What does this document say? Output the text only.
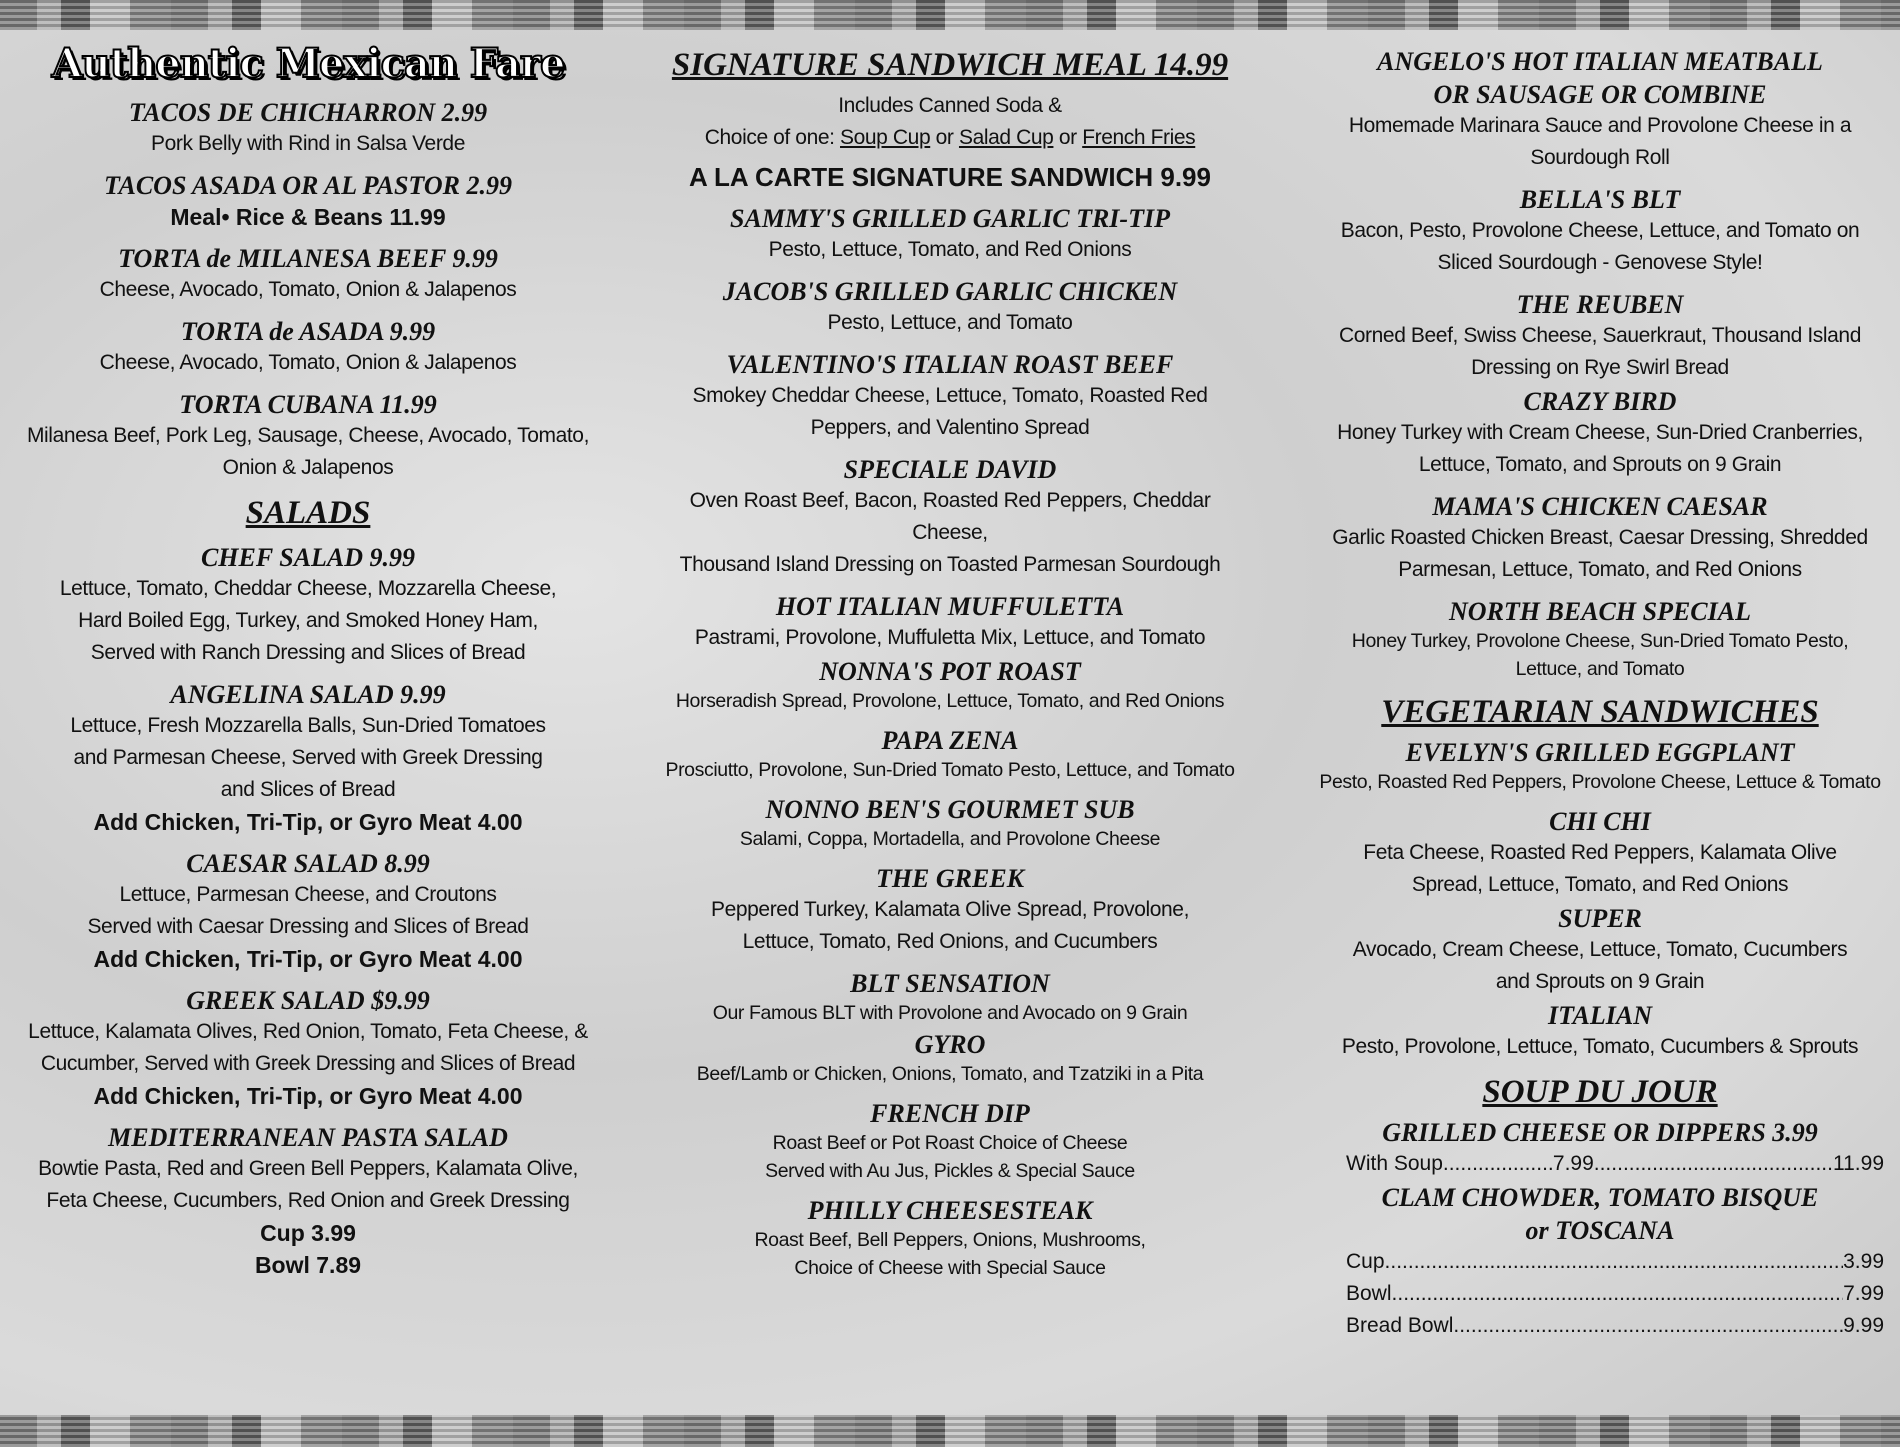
Authentic Mexican Fare
TACOS DE CHICHARRON 2.99
Pork Belly with Rind in Salsa Verde
TACOS ASADA OR AL PASTOR 2.99
Meal• Rice & Beans 11.99
TORTA de MILANESA BEEF 9.99
Cheese, Avocado, Tomato, Onion & Jalapenos
TORTA de ASADA 9.99
Cheese, Avocado, Tomato, Onion & Jalapenos
TORTA CUBANA 11.99
Milanesa Beef, Pork Leg, Sausage, Cheese, Avocado, Tomato,
Onion & Jalapenos
SALADS
CHEF SALAD 9.99
Lettuce, Tomato, Cheddar Cheese, Mozzarella Cheese,
Hard Boiled Egg, Turkey, and Smoked Honey Ham,
Served with Ranch Dressing and Slices of Bread
ANGELINA SALAD 9.99
Lettuce, Fresh Mozzarella Balls, Sun-Dried Tomatoes
and Parmesan Cheese, Served with Greek Dressing
and Slices of Bread
Add Chicken, Tri-Tip, or Gyro Meat 4.00
CAESAR SALAD 8.99
Lettuce, Parmesan Cheese, and Croutons
Served with Caesar Dressing and Slices of Bread
Add Chicken, Tri-Tip, or Gyro Meat 4.00
GREEK SALAD $9.99
Lettuce, Kalamata Olives, Red Onion, Tomato, Feta Cheese, &
Cucumber, Served with Greek Dressing and Slices of Bread
Add Chicken, Tri-Tip, or Gyro Meat 4.00
MEDITERRANEAN PASTA SALAD
Bowtie Pasta, Red and Green Bell Peppers, Kalamata Olive,
Feta Cheese, Cucumbers, Red Onion and Greek Dressing
Cup 3.99
Bowl 7.89
SIGNATURE SANDWICH MEAL 14.99
Includes Canned Soda &
Choice of one: Soup Cup or Salad Cup or French Fries
A LA CARTE SIGNATURE SANDWICH 9.99
SAMMY'S GRILLED GARLIC TRI-TIP
Pesto, Lettuce, Tomato, and Red Onions
JACOB'S GRILLED GARLIC CHICKEN
Pesto, Lettuce, and Tomato
VALENTINO'S ITALIAN ROAST BEEF
Smokey Cheddar Cheese, Lettuce, Tomato, Roasted Red
Peppers, and Valentino Spread
SPECIALE DAVID
Oven Roast Beef, Bacon, Roasted Red Peppers, Cheddar Cheese,
Thousand Island Dressing on Toasted Parmesan Sourdough
HOT ITALIAN MUFFULETTA
Pastrami, Provolone, Muffuletta Mix, Lettuce, and Tomato
NONNA'S POT ROAST
Horseradish Spread, Provolone, Lettuce, Tomato, and Red Onions
PAPA ZENA
Prosciutto, Provolone, Sun-Dried Tomato Pesto, Lettuce, and Tomato
NONNO BEN'S GOURMET SUB
Salami, Coppa, Mortadella, and Provolone Cheese
THE GREEK
Peppered Turkey, Kalamata Olive Spread, Provolone,
Lettuce, Tomato, Red Onions, and Cucumbers
BLT SENSATION
Our Famous BLT with Provolone and Avocado on 9 Grain
GYRO
Beef/Lamb or Chicken, Onions, Tomato, and Tzatziki in a Pita
FRENCH DIP
Roast Beef or Pot Roast Choice of Cheese
Served with Au Jus, Pickles & Special Sauce
PHILLY CHEESESTEAK
Roast Beef, Bell Peppers, Onions, Mushrooms,
Choice of Cheese with Special Sauce
ANGELO'S HOT ITALIAN MEATBALL
OR SAUSAGE OR COMBINE
Homemade Marinara Sauce and Provolone Cheese in a
Sourdough Roll
BELLA'S BLT
Bacon, Pesto, Provolone Cheese, Lettuce, and Tomato on
Sliced Sourdough - Genovese Style!
THE REUBEN
Corned Beef, Swiss Cheese, Sauerkraut, Thousand Island
Dressing on Rye Swirl Bread
CRAZY BIRD
Honey Turkey with Cream Cheese, Sun-Dried Cranberries,
Lettuce, Tomato, and Sprouts on 9 Grain
MAMA'S CHICKEN CAESAR
Garlic Roasted Chicken Breast, Caesar Dressing, Shredded
Parmesan, Lettuce, Tomato, and Red Onions
NORTH BEACH SPECIAL
Honey Turkey, Provolone Cheese, Sun-Dried Tomato Pesto,
Lettuce, and Tomato
VEGETARIAN SANDWICHES
EVELYN'S GRILLED EGGPLANT
Pesto, Roasted Red Peppers, Provolone Cheese, Lettuce & Tomato
CHI CHI
Feta Cheese, Roasted Red Peppers, Kalamata Olive
Spread, Lettuce, Tomato, and Red Onions
SUPER
Avocado, Cream Cheese, Lettuce, Tomato, Cucumbers
and Sprouts on 9 Grain
ITALIAN
Pesto, Provolone, Lettuce, Tomato, Cucumbers & Sprouts
SOUP DU JOUR
GRILLED CHEESE OR DIPPERS 3.99
With Soup .....	7.99 .....	11.99
CLAM CHOWDER, TOMATO BISQUE
or TOSCANA
Cup .....	3.99
Bowl .....	7.99
Bread Bowl .....	9.99
